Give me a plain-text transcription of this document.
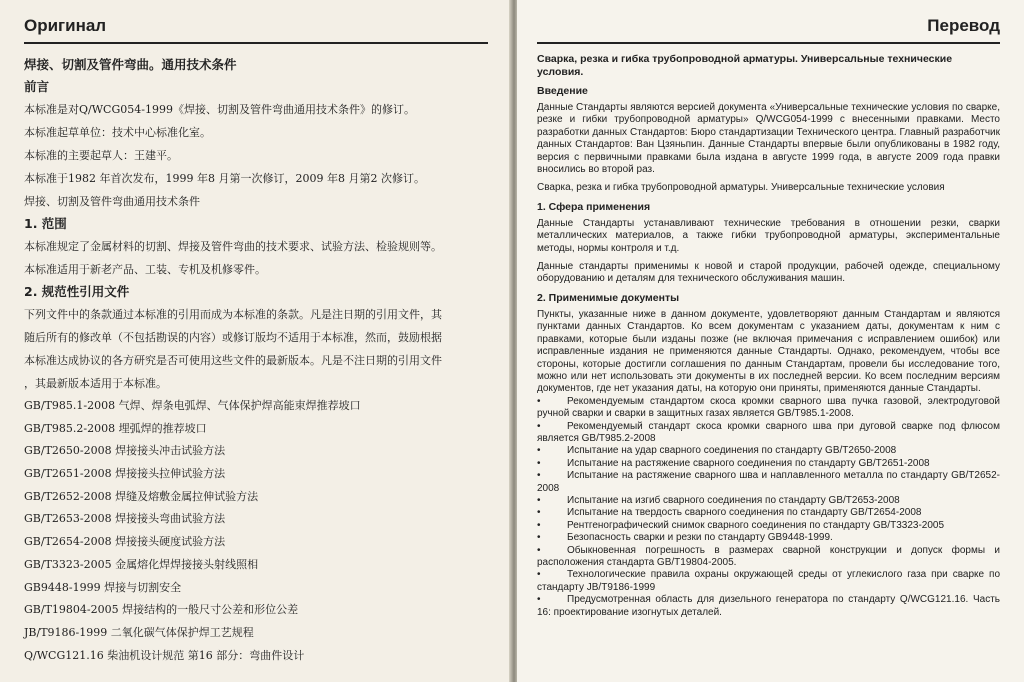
Оригинал

焊接、切割及管件弯曲。通用技术条件

前言

本标准是对Q/WCG054-1999《焊接、切割及管件弯曲通用技术条件》的修订。

本标准起草单位：技术中心标准化室。

本标准的主要起草人：王建平。

本标准于1982 年首次发布，1999 年8 月第一次修订，2009 年8 月第2 次修订。

焊接、切割及管件弯曲通用技术条件

1. 范围

本标准规定了金属材料的切割、焊接及管件弯曲的技术要求、试验方法、检验规则等。

本标准适用于新老产品、工装、专机及机修零件。

2. 规范性引用文件

下列文件中的条款通过本标准的引用而成为本标准的条款。凡是注日期的引用文件，其

随后所有的修改单（不包括勘误的内容）或修订版均不适用于本标准，然而，鼓励根据

本标准达成协议的各方研究是否可使用这些文件的最新版本。凡是不注日期的引用文件

，其最新版本适用于本标准。

GB/T985.1-2008 气焊、焊条电弧焊、气体保护焊高能束焊推荐坡口

GB/T985.2-2008 埋弧焊的推荐坡口

GB/T2650-2008 焊接接头冲击试验方法

GB/T2651-2008 焊接接头拉伸试验方法

GB/T2652-2008 焊缝及熔敷金属拉伸试验方法

GB/T2653-2008 焊接接头弯曲试验方法

GB/T2654-2008 焊接接头硬度试验方法

GB/T3323-2005 金属熔化焊焊接接头射线照相

GB9448-1999 焊接与切割安全

GB/T19804-2005 焊接结构的一般尺寸公差和形位公差

JB/T9186-1999 二氧化碳气体保护焊工艺规程

Q/WCG121.16 柴油机设计规范 第16 部分：弯曲件设计

Перевод

Сварка, резка и гибка трубопроводной арматуры. Универсальные технические условия.

Введение

Данные Стандарты являются версией документа «Универсальные технические условия по сварке, резке и гибки трубопроводной арматуры» Q/WCG054-1999 с внесенными правками. Место разработки данных Стандартов: Бюро стандартизации Технического центра. Главный разработчик данных Стандартов: Ван Цзяньпин. Данные Стандарты впервые были опубликованы в 1982 году, версия с первичными правками была издана в августе 1999 года, в августе 2009 года правки вносились во второй раз.

Сварка, резка и гибка трубопроводной арматуры. Универсальные технические условия

1. Сфера применения

Данные Стандарты устанавливают технические требования в отношении резки, сварки металлических материалов, а также гибки трубопроводной арматуры, экспериментальные методы, нормы контроля и т.д.

Данные стандарты применимы к новой и старой продукции, рабочей одежде, специальному оборудованию и деталям для технического обслуживания машин.

2. Применимые документы

Пункты, указанные ниже в данном документе, удовлетворяют данным Стандартам и являются пунктами данных Стандартов. Ко всем документам с указанием даты, документам к ним с правками, которые были изданы позже (не включая примечания с исправлением ошибок) или исправленные издания не применяются данные Стандарты. Однако, рекомендуем, чтобы все стороны, которые достигли соглашения по данным Стандартам, провели бы исследование того, можно или нет использовать эти документы в их последней версии. Ко всем последним версиям документов, где нет указания даты, на которую они приняты, применяются данные Стандарты.

•	Рекомендуемым стандартом скоса кромки сварного шва пучка газовой, электродуговой ручной сварки и сварки в защитных газах является GB/T985.1-2008.

•	Рекомендуемый стандарт скоса кромки сварного шва при дуговой сварке под флюсом является GB/T985.2-2008

•	Испытание на удар сварного соединения по стандарту GB/T2650-2008

•	Испытание на растяжение сварного соединения по стандарту GB/T2651-2008

•	Испытание на растяжение сварного шва и наплавленного металла по стандарту GB/T2652-2008

•	Испытание на изгиб сварного соединения по стандарту GB/T2653-2008

•	Испытание на твердость сварного соединения по стандарту GB/T2654-2008

•	Рентгенографический снимок сварного соединения по стандарту GB/T3323-2005

•	Безопасность сварки и резки по стандарту GB9448-1999.

•	Обыкновенная погрешность в размерах сварной конструкции и допуск формы и расположения стандарта GB/T19804-2005.

•	Технологические правила охраны окружающей среды от углекислого газа при сварке по стандарту JB/T9186-1999

•	Предусмотренная область для дизельного генератора по стандарту Q/WCG121.16. Часть 16: проектирование изогнутых деталей.
